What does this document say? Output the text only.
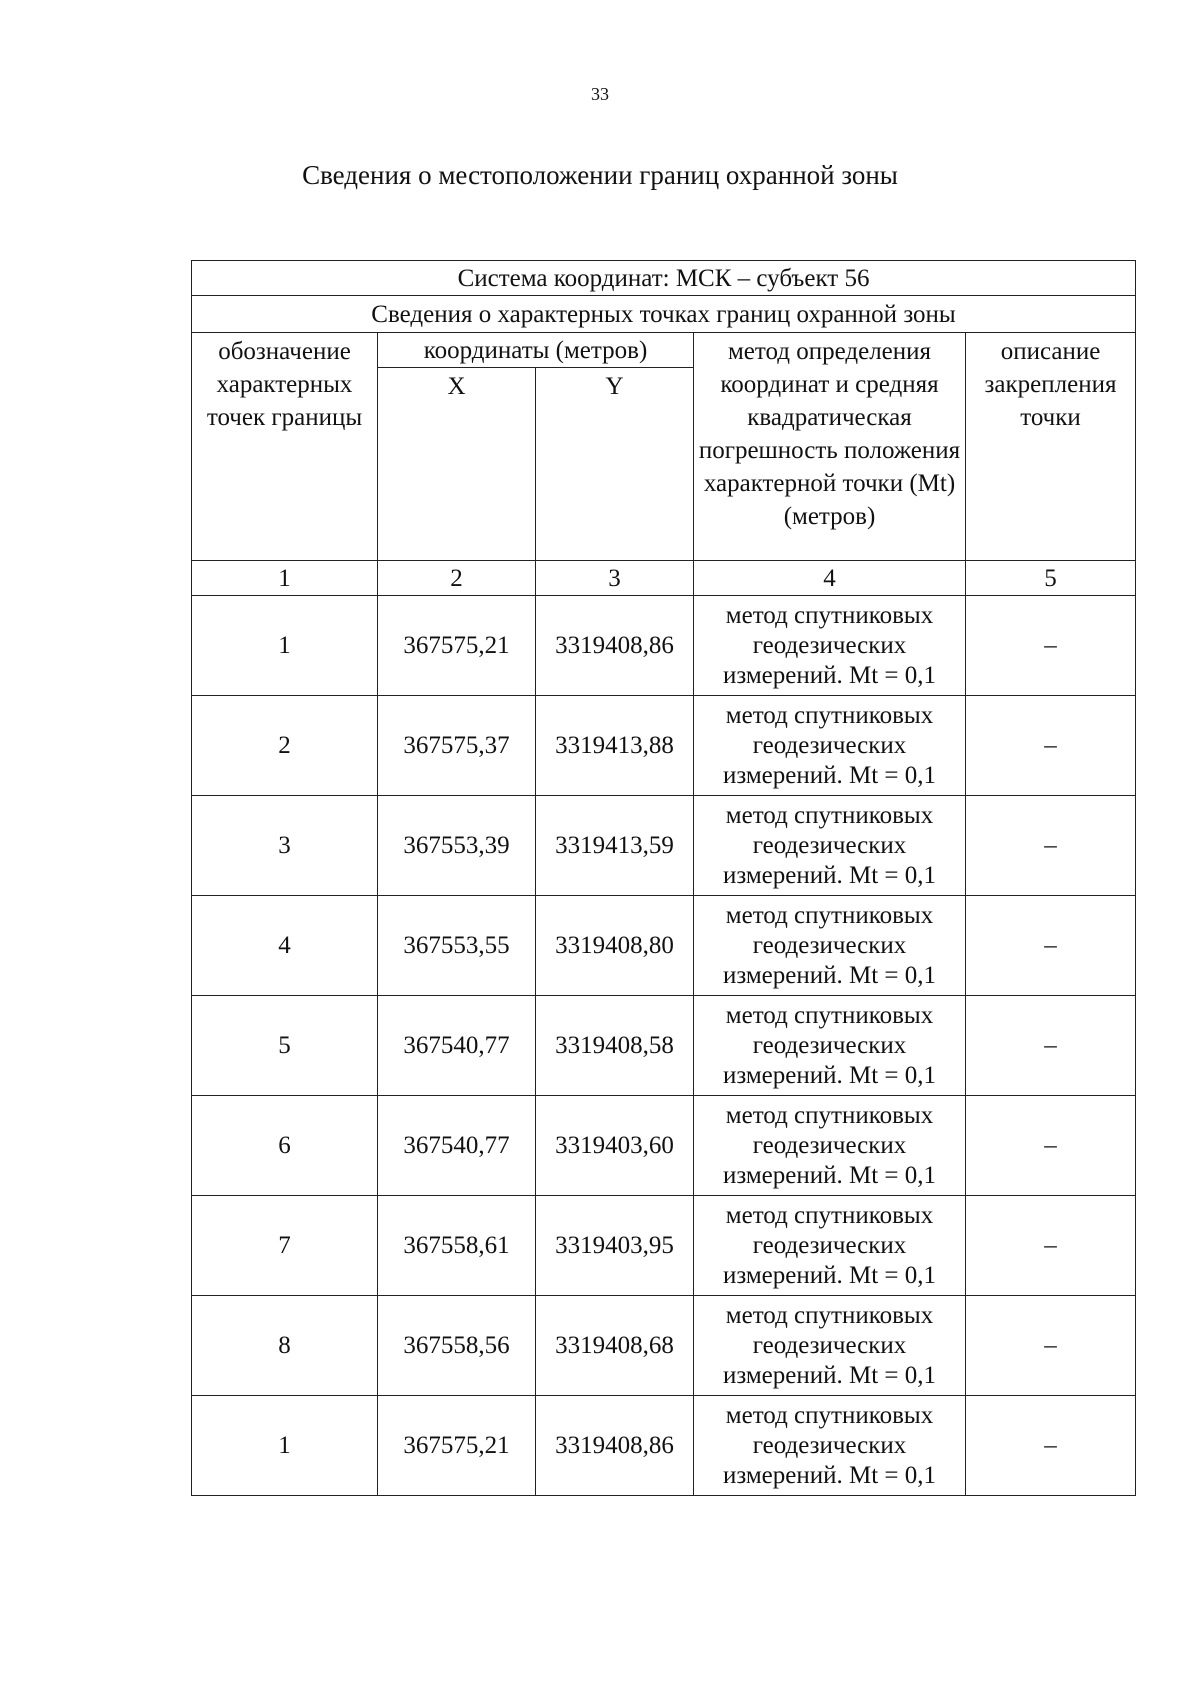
33
Сведения о местоположении границ охранной зоны
Система координат: МСК – субъект 56				
Сведения о характерных точках границ охранной зоны				
обозначение характерных точек границы	координаты (метров)		метод определения координат и средняя квадратическая погрешность положения характерной точки (Mt) (метров)	описание закрепления точки
	X	Y		
1	2	3	4	5
1	367575,21	3319408,86	метод спутниковых геодезических измерений. Mt = 0,1	–
2	367575,37	3319413,88	метод спутниковых геодезических измерений. Mt = 0,1	–
3	367553,39	3319413,59	метод спутниковых геодезических измерений. Mt = 0,1	–
4	367553,55	3319408,80	метод спутниковых геодезических измерений. Mt = 0,1	–
5	367540,77	3319408,58	метод спутниковых геодезических измерений. Mt = 0,1	–
6	367540,77	3319403,60	метод спутниковых геодезических измерений. Mt = 0,1	–
7	367558,61	3319403,95	метод спутниковых геодезических измерений. Mt = 0,1	–
8	367558,56	3319408,68	метод спутниковых геодезических измерений. Mt = 0,1	–
1	367575,21	3319408,86	метод спутниковых геодезических измерений. Mt = 0,1	–
